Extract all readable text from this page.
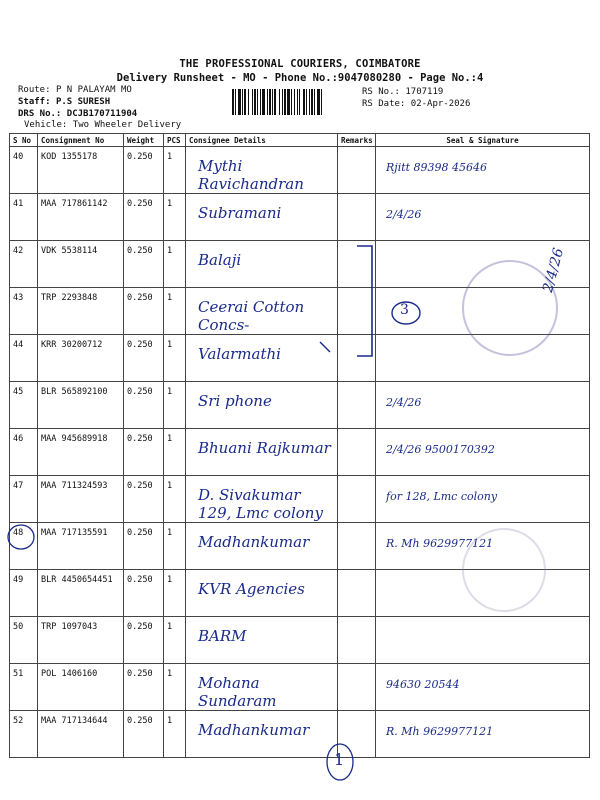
THE PROFESSIONAL COURIERS, COIMBATORE
Delivery Runsheet - MO - Phone No.:9047080280 - Page No.:4
Route: P N PALAYAM MO
Staff: P.S SURESH
DRS No.: DCJB170711904
Vehicle: Two Wheeler Delivery
RS No.: 1707119
RS Date: 02-Apr-2026
S No	Consignment No	Weight	PCS	Consignee Details	Remarks	Seal & Signature
40	KOD 1355178	0.250	1	Mythi Ravichandran		Rjitt 89398 45646

41	MAA 717861142	0.250	1	Subramani		2/4/26

42	VDK 5538114	0.250	1	Balaji		

43	TRP 2293848	0.250	1	Ceerai Cotton Concs-		

44	KRR 30200712	0.250	1	Valarmathi		

45	BLR 565892100	0.250	1	Sri phone		2/4/26

46	MAA 945689918	0.250	1	Bhuani Rajkumar		2/4/26 9500170392

47	MAA 711324593	0.250	1	D. Sivakumar 129, Lmc colony		for 128, Lmc colony

48	MAA 717135591	0.250	1	Madhankumar		R. Mh 9629977121

49	BLR 4450654451	0.250	1	KVR Agencies		

50	TRP 1097043	0.250	1	BARM		

51	POL 1406160	0.250	1	Mohana Sundaram		94630 20544

52	MAA 717134644	0.250	1	Madhankumar		R. Mh 9629977121
3
1
2/4/26
